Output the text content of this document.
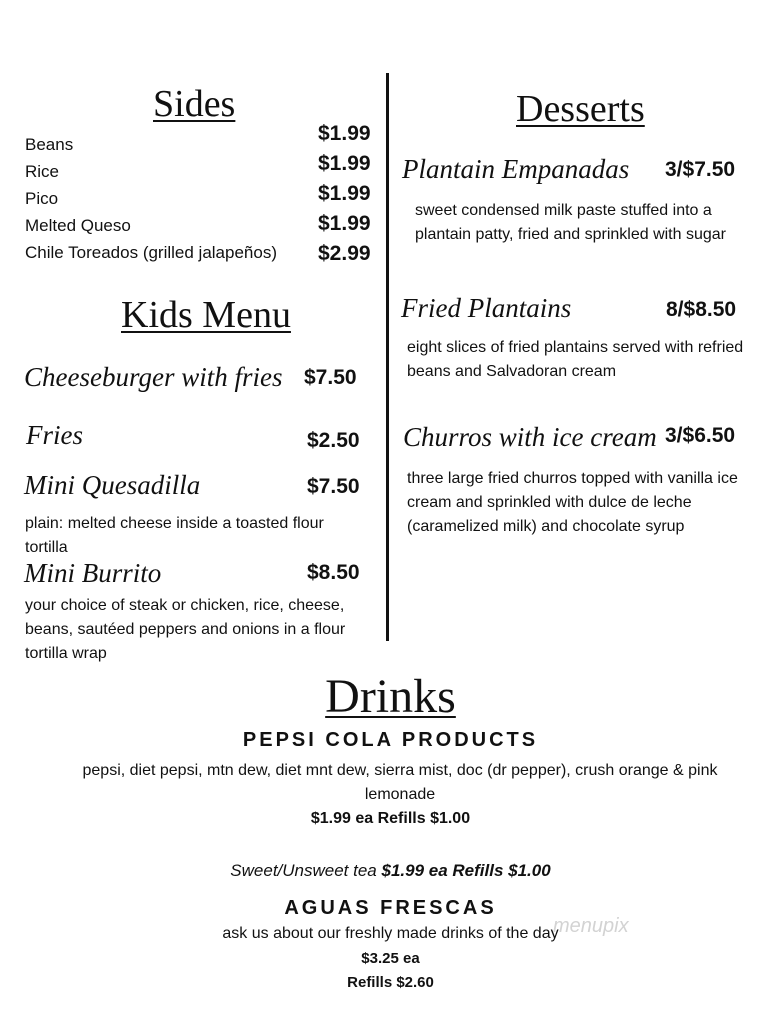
Sides
Beans	$1.99
Rice	$1.99
Pico	$1.99
Melted Queso	$1.99
Chile Toreados (grilled jalapeños) $2.99
Kids Menu
Cheeseburger with fries $7.50
Fries	$2.50
Mini Quesadilla	$7.50
plain: melted cheese inside a toasted flour tortilla
Mini Burrito	$8.50
your choice of steak or chicken, rice, cheese, beans, sautéed peppers and onions in a flour tortilla wrap
Desserts
Plantain Empanadas 3/$7.50
sweet condensed milk paste stuffed into a plantain patty, fried and sprinkled with sugar
Fried Plantains	8/$8.50
eight slices of fried plantains served with refried beans and Salvadoran cream
Churros with ice cream 3/$6.50
three large fried churros topped with vanilla ice cream and sprinkled with dulce de leche (caramelized milk) and chocolate syrup
Drinks
PEPSI COLA PRODUCTS
pepsi, diet pepsi, mtn dew, diet mnt dew, sierra mist, doc (dr pepper), crush orange & pink lemonade
$1.99 ea Refills $1.00
Sweet/Unsweet tea $1.99 ea Refills $1.00
AGUAS FRESCAS
ask us about our freshly made drinks of the day
$3.25 ea
Refills $2.60
menupix
